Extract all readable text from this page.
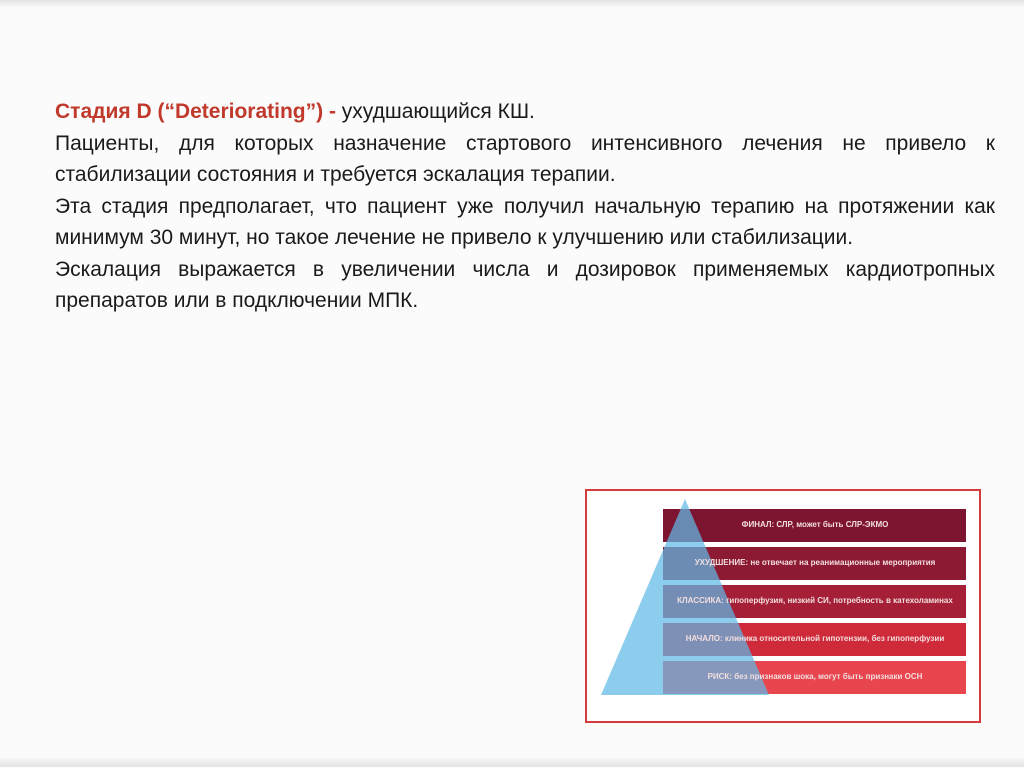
Стадия D (“Deteriorating”) - ухудшающийся КШ.

Пациенты, для которых назначение стартового интенсивного лечения не привело к стабилизации состояния и требуется эскалация терапии.

Эта стадия предполагает, что пациент уже получил начальную терапию на протяжении как минимум 30 минут, но такое лечение не привело к улучшению или стабилизации.

Эскалация выражается в увеличении числа и дозировок применяемых кардиотропных препаратов или в подключении МПК.

ФИНАЛ: СЛР, может быть СЛР-ЭКМО
УХУДШЕНИЕ: не отвечает на реанимационные мероприятия
КЛАССИКА: гипоперфузия, низкий СИ, потребность в катехоламинах
НАЧАЛО: клиника относительной гипотензии, без гипоперфузии
РИСК: без признаков шока, могут быть признаки ОСН
